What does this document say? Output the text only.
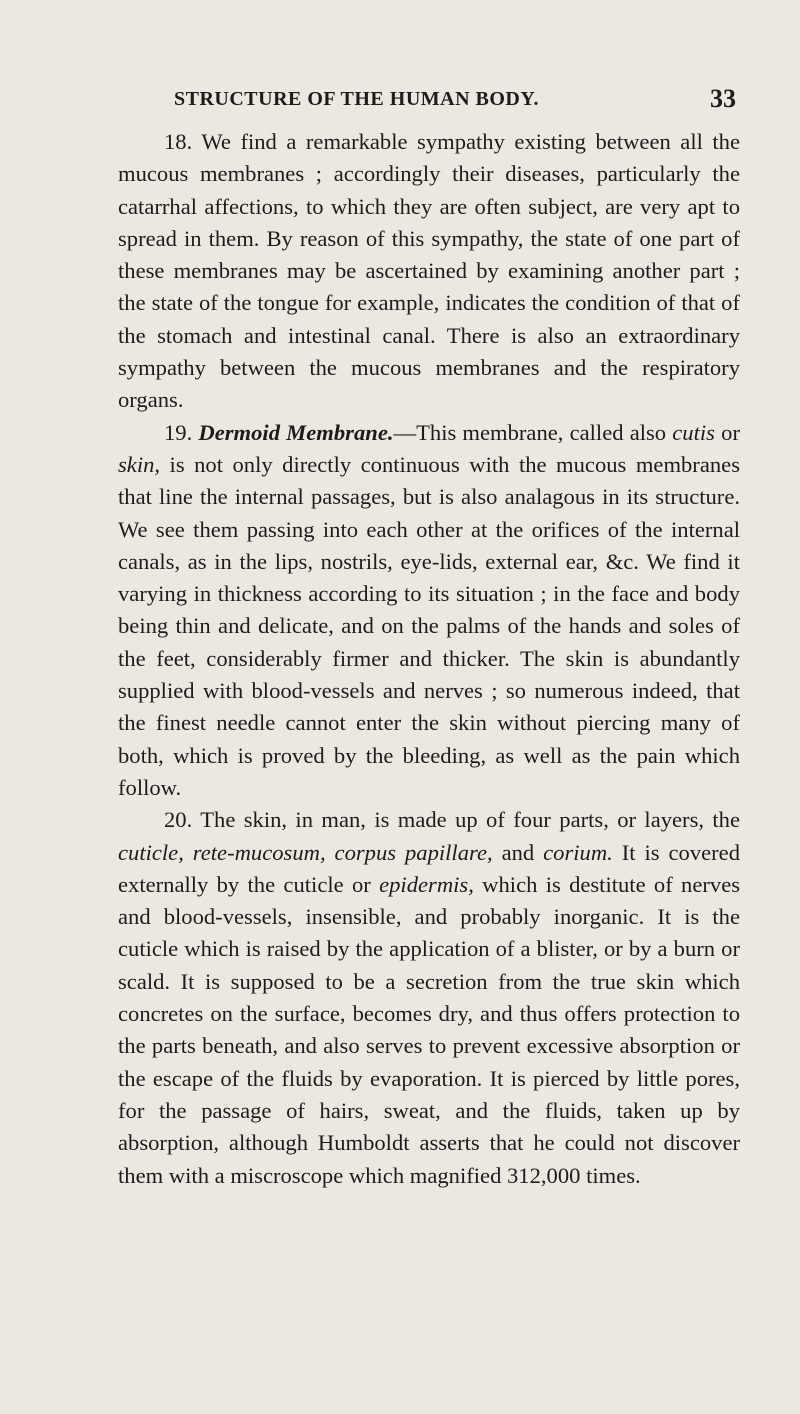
STRUCTURE OF THE HUMAN BODY.	33

18. We find a remarkable sympathy existing between all the mucous membranes ; accordingly their diseases, particularly the catarrhal affections, to which they are often subject, are very apt to spread in them. By reason of this sympathy, the state of one part of these membranes may be ascertained by examining another part ; the state of the tongue for example, indicates the condition of that of the stomach and intestinal canal. There is also an extraordinary sympathy between the mucous membranes and the respiratory organs.

19. Dermoid Membrane.—This membrane, called also cutis or skin, is not only directly continuous with the mucous membranes that line the internal passages, but is also analagous in its structure. We see them passing into each other at the orifices of the internal canals, as in the lips, nostrils, eye-lids, external ear, &c. We find it varying in thickness according to its situation ; in the face and body being thin and delicate, and on the palms of the hands and soles of the feet, considerably firmer and thicker. The skin is abundantly supplied with blood-vessels and nerves ; so numerous indeed, that the finest needle cannot enter the skin without piercing many of both, which is proved by the bleeding, as well as the pain which follow.

20. The skin, in man, is made up of four parts, or layers, the cuticle, rete-mucosum, corpus papillare, and corium. It is covered externally by the cuticle or epidermis, which is destitute of nerves and blood-vessels, insensible, and probably inorganic. It is the cuticle which is raised by the application of a blister, or by a burn or scald. It is supposed to be a secretion from the true skin which concretes on the surface, becomes dry, and thus offers protection to the parts beneath, and also serves to prevent excessive absorption or the escape of the fluids by evaporation. It is pierced by little pores, for the passage of hairs, sweat, and the fluids, taken up by absorption, although Humboldt asserts that he could not discover them with a miscroscope which magnified 312,000 times.
